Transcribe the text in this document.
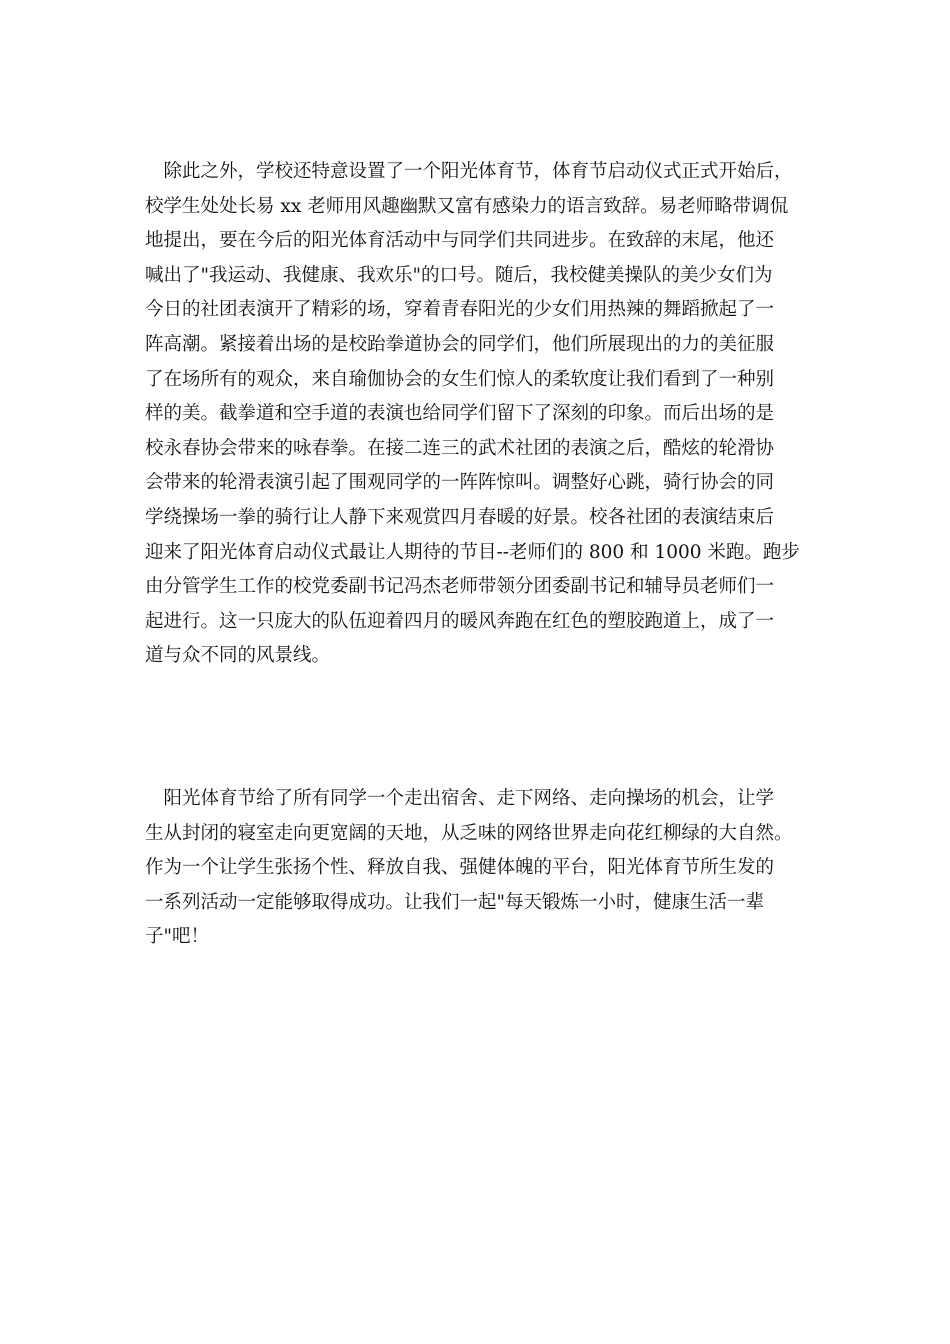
　除此之外，学校还特意设置了一个阳光体育节，体育节启动仪式正式开始后，
校学生处处长易 xx 老师用风趣幽默又富有感染力的语言致辞。易老师略带调侃
地提出，要在今后的阳光体育活动中与同学们共同进步。在致辞的末尾，他还
喊出了"我运动、我健康、我欢乐"的口号。随后，我校健美操队的美少女们为
今日的社团表演开了精彩的场，穿着青春阳光的少女们用热辣的舞蹈掀起了一
阵高潮。紧接着出场的是校跆拳道协会的同学们，他们所展现出的力的美征服
了在场所有的观众，来自瑜伽协会的女生们惊人的柔软度让我们看到了一种别
样的美。截拳道和空手道的表演也给同学们留下了深刻的印象。而后出场的是
校永春协会带来的咏春拳。在接二连三的武术社团的表演之后，酷炫的轮滑协
会带来的轮滑表演引起了围观同学的一阵阵惊叫。调整好心跳，骑行协会的同
学绕操场一拳的骑行让人静下来观赏四月春暖的好景。校各社团的表演结束后
迎来了阳光体育启动仪式最让人期待的节目--老师们的 800 和 1000 米跑。跑步
由分管学生工作的校党委副书记冯杰老师带领分团委副书记和辅导员老师们一
起进行。这一只庞大的队伍迎着四月的暖风奔跑在红色的塑胶跑道上，成了一
道与众不同的风景线。

　阳光体育节给了所有同学一个走出宿舍、走下网络、走向操场的机会，让学
生从封闭的寝室走向更宽阔的天地，从乏味的网络世界走向花红柳绿的大自然。
作为一个让学生张扬个性、释放自我、强健体魄的平台，阳光体育节所生发的
一系列活动一定能够取得成功。让我们一起"每天锻炼一小时，健康生活一辈
子"吧！
